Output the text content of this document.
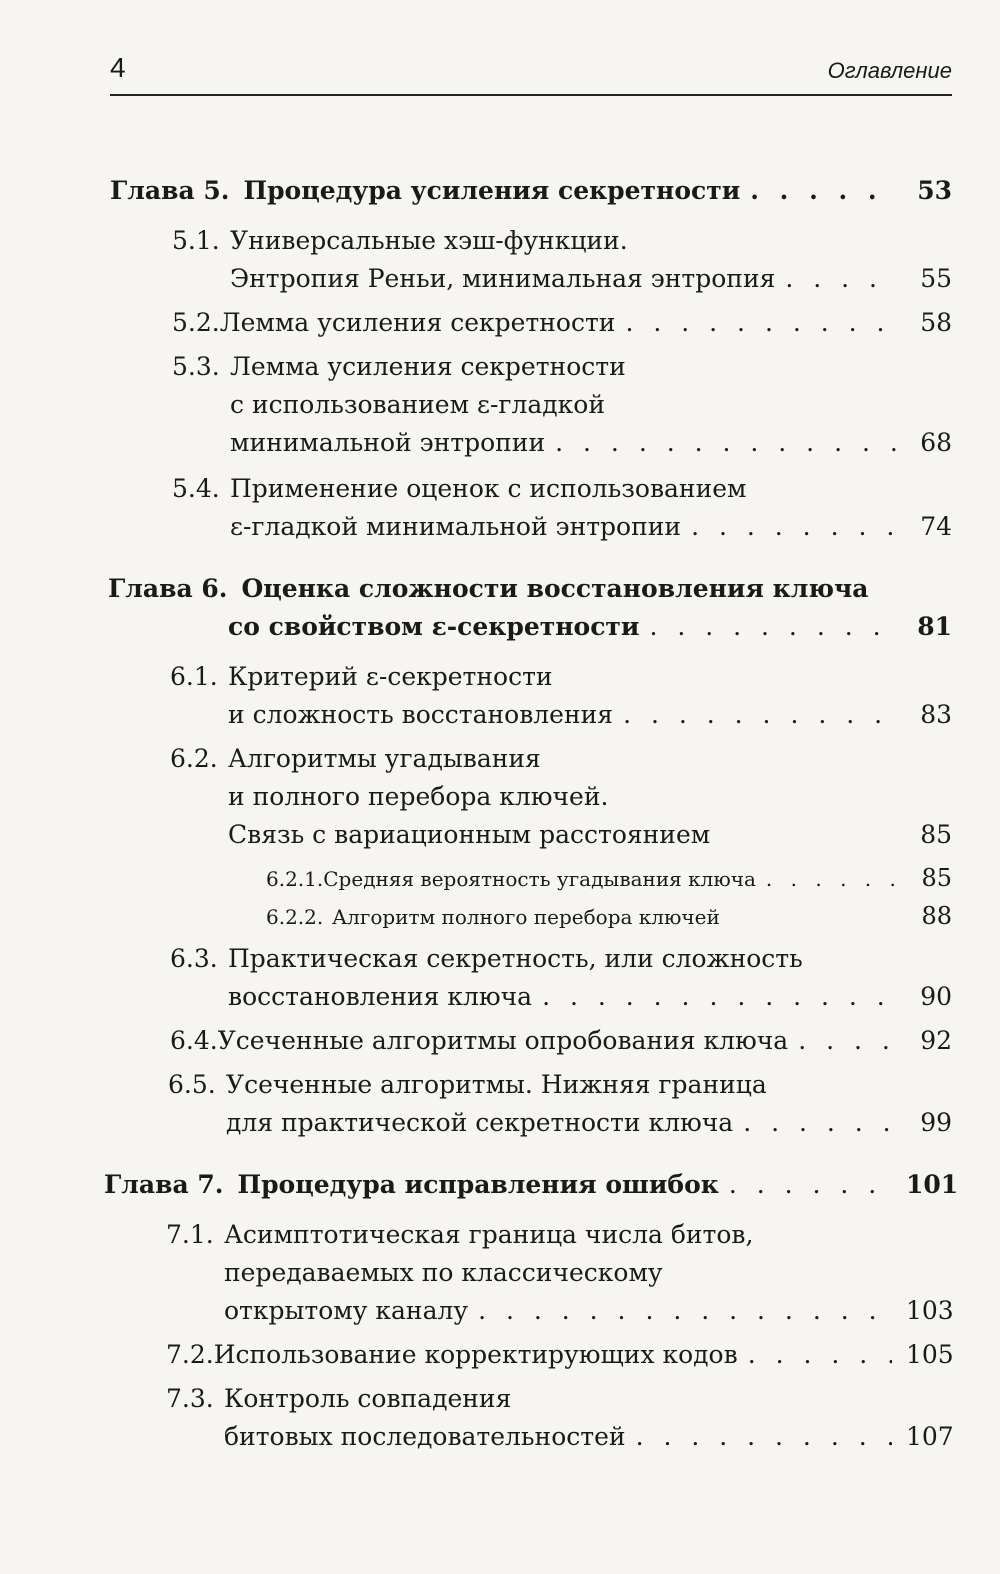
4	Оглавление
Глава 5. Процедура усиления секретности . . .	53
5.1. Универсальные хэш-функции.
Энтропия Реньи, минимальная энтропия . . .	55
5.2. Лемма усиления секретности . . .	58
5.3. Лемма усиления секретности
с использованием ε-гладкой
минимальной энтропии . . .	68
5.4. Применение оценок с использованием
ε-гладкой минимальной энтропии . . .	74
Глава 6. Оценка сложности восстановления ключа
со свойством ε-секретности . . .	81
6.1. Критерий ε-секретности
и сложность восстановления . . .	83
6.2. Алгоритмы угадывания
и полного перебора ключей.
Связь с вариационным расстоянием	85
6.2.1. Средняя вероятность угадывания ключа . . .	85
6.2.2. Алгоритм полного перебора ключей	88
6.3. Практическая секретность, или сложность
восстановления ключа . . .	90
6.4. Усеченные алгоритмы опробования ключа . . .	92
6.5. Усеченные алгоритмы. Нижняя граница
для практической секретности ключа . . .	99
Глава 7. Процедура исправления ошибок . . .	101
7.1. Асимптотическая граница числа битов,
передаваемых по классическому
открытому каналу . . .	103
7.2. Использование корректирующих кодов . . .	105
7.3. Контроль совпадения
битовых последовательностей . . .	107
